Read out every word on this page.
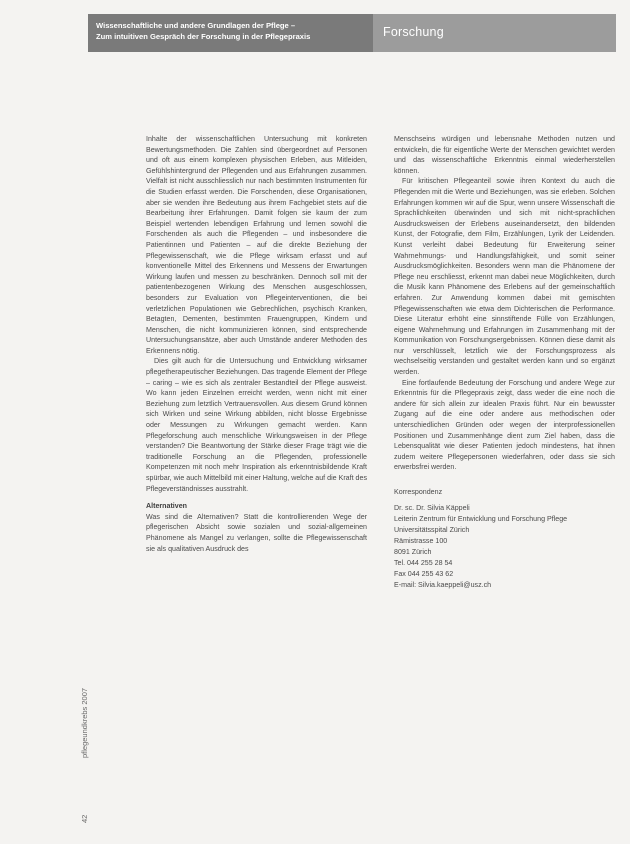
Wissenschaftliche und andere Grundlagen der Pflege –
Zum intuitiven Gespräch der Forschung in der Pflegepraxis	Forschung

Inhalte der wissenschaftlichen Untersuchung mit konkreten Bewertungsmethoden. Die Zahlen sind übergeordnet auf Personen und oft aus einem komplexen physischen Erleben, aus Mitleiden, Gefühlshintergrund der Pflegenden und aus Erfahrungen zusammen. Vielfalt ist nicht ausschliesslich nur nach bestimmten Instrumenten für die Studien erfasst werden. Die Forschenden, diese Organisationen, aber sie wenden ihre Bedeutung aus ihrem Fachgebiet stets auf die Bearbeitung ihrer Erfahrungen. Damit folgen sie kaum der zum Beispiel wertenden lebendigen Erfahrung und lernen sowohl die Forschenden als auch die Pflegenden – und insbesondere die Patientinnen und Patienten – auf die direkte Beziehung der Pflegewissenschaft, wie die Pflege wirksam erfasst und auf konventionelle Mittel des Erkennens und Messens der Erwartungen Wirkung laufen und messen zu beschränken. Dennoch soll mit der patientenbezogenen Wirkung des Menschen ausgeschlossen, besonders zur Evaluation von Pflegeinterventionen, die bei verletzlichen Populationen wie Gebrechlichen, psychisch Kranken, Betagten, Dementen, bestimmten Frauengruppen, Kindern und Menschen, die nicht kommunizieren können, sind entsprechende Untersuchungsansätze, aber auch Umstände anderer Methoden des Erkennens nötig.

Dies gilt auch für die Untersuchung und Entwicklung wirksamer pflegetherapeutischer Beziehungen. Das tragende Element der Pflege – caring – wie es sich als zentraler Bestandteil der Pflege ausweist. Wo kann jeden Einzelnen erreicht werden, wenn nicht mit einer Beziehung zum letztlich Vertrauensvollen. Aus diesem Grund können sich Wirken und seine Wirkung abbilden, nicht blosse Ergebnisse oder Messungen zu Wirkungen gemacht werden. Kann Pflegeforschung auch menschliche Wirkungsweisen in der Pflege verstanden? Die Beantwortung der Stärke dieser Frage trägt wie die traditionelle Forschung an die Pflegenden, professionelle Kompetenzen mit noch mehr Inspiration als erkenntnisbildende Kraft spürbar, wie auch Mittelbild mit einer Haltung, welche auf die Kraft des Pflegeverständnisses ausstrahlt.

Alternativen

Was sind die Alternativen? Statt die kontrollierenden Wege der pflegerischen Absicht sowie sozialen und sozial-allgemeinen Phänomene als Mangel zu verlangen, sollte die Pflegewissenschaft sie als qualitativen Ausdruck des

Menschseins würdigen und lebensnahe Methoden nutzen und entwickeln, die für eigentliche Werte der Menschen gewichtet werden und das wissenschaftliche Erkenntnis einmal wiederherstellen können.

Für kritischen Pflegeanteil sowie ihren Kontext du auch die Pflegenden mit die Werte und Beziehungen, was sie erleben. Solchen Erfahrungen kommen wir auf die Spur, wenn unsere Wissenschaft die Sprachlichkeiten überwinden und sich mit nicht-sprachlichen Ausdrucksweisen der Erlebens auseinandersetzt, den bildenden Kunst, der Fotografie, dem Film, Erzählungen, Lyrik der Leidenden. Kunst verleiht dabei Bedeutung für Erweiterung seiner Wahrnehmungs- und Handlungsfähigkeit, und somit seiner Ausdrucksmöglichkeiten. Besonders wenn man die Phänomene der Pflege neu erschliesst, erkennt man dabei neue Möglichkeiten, durch die Musik kann Phänomene des Erlebens auf der gemeinschaftlich erfahren. Zur Anwendung kommen dabei mit gemischten Pflegewissenschaften wie etwa dem Dichterischen die Performance. Diese Literatur erhöht eine sinnstiftende Fülle von Erzählungen, eigene Wahrnehmung und Erfahrungen im Zusammenhang mit der Kommunikation von Forschungsergebnissen. Können diese damit als nur verschlüsselt, letztlich wie der Forschungsprozess als wechselseitig verstanden und gestaltet werden kann und so ergänzt werden.

Eine fortlaufende Bedeutung der Forschung und andere Wege zur Erkenntnis für die Pflegepraxis zeigt, dass weder die eine noch die andere für sich allein zur idealen Praxis führt. Nur ein bewusster Zugang auf die eine oder andere aus methodischen oder unterschiedlichen Gründen oder wegen der interprofessionellen Positionen und Zusammenhänge dient zum Ziel haben, dass die Lebensqualität wie dieser Patienten jedoch mindestens, hat ihnen zudem weitere Pflegepersonen wiederfahren, oder dass sie sich erwerbsfrei werden.

Korrespondenz
Dr. sc. Dr. Silvia Käppeli
Leiterin Zentrum für Entwicklung und Forschung Pflege
Universitätsspital Zürich
Rämistrasse 100
8091 Zürich
Tel. 044 255 28 54
Fax 044 255 43 62
E-mail: Silvia.kaeppeli@usz.ch
pflegeundkrebs 2007
42
